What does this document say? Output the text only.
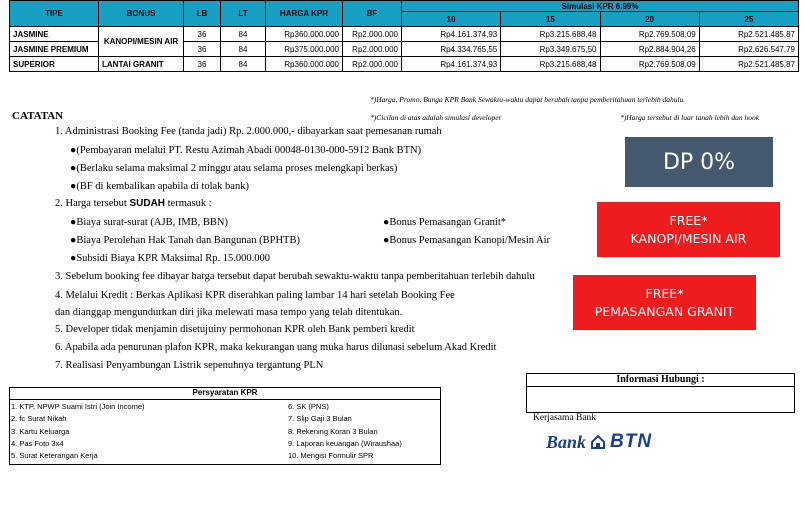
TIPE	BONUS	LB	LT	HARGA KPR	BF	Simulasi KPR 6.99%			
						10	15	20	25
JASMINE	KANOPI/MESIN AIR	36	84	Rp360.000.000	Rp2.000.000	Rp4.161.374,93	Rp3.215.688,48	Rp2.769.508,09	Rp2.521.485,87
JASMINE PREMIUM		36	84	Rp375.000.000	Rp2.000.000	Rp4.334.765,55	Rp3.349.675,50	Rp2.884.904,26	Rp2.626.547,79
SUPERIOR	LANTAI GRANIT	36	84	Rp360.000.000	Rp2.000.000	Rp4.161.374,93	Rp3.215.688,48	Rp2.769.508,09	Rp2.521.485,87
*)Harga, Promo, Bunga KPR Bank Sewaktu-waktu dapat berubah tanpa pemberitahuan terlebih dahulu.
*)Cicilan di atas adalah simulasi developer	*)Harga tersebut di luar tanah lebih dan hook
CATATAN
1. Administrasi Booking Fee (tanda jadi) Rp. 2.000.000,- dibayarkan saat pemesanan rumah
●(Pembayaran melalui PT. Restu Azimah Abadi 00048-0130-000-5912 Bank BTN)
●(Berlaku selama maksimal 2 minggu atau selama proses melengkapi berkas)
●(BF di kembalikan apabila di tolak bank)
2. Harga tersebut SUDAH termasuk :
●Biaya surat-surat (AJB, IMB, BBN)
●Biaya Perolehan Hak Tanah dan Bangunan (BPHTB)
●Subsidi Biaya KPR Maksimal Rp. 15.000.000
●Bonus Pemasangan Granit*
●Bonus Pemasangan Kanopi/Mesin Air
3. Sebelum booking fee dibayar harga tersebut dapat berubah sewaktu-waktu tanpa pemberitahuan terlebih dahulu
4. Melalui Kredit : Berkas Aplikasi KPR diserahkan paling lambar 14 hari setelah Booking Fee
dan dianggap mengundurkan diri jika melewati masa tempo yang telah ditentukan.
5. Developer tidak menjamin disetujuiny permohonan KPR oleh Bank pemberi kredit
6. Apabila ada penurunan plafon KPR, maka kekurangan uang muka harus dilunasi sebelum Akad Kredit
7. Realisasi Penyambungan Listrik sepenuhnya tergantung PLN
DP 0%
FREE*
KANOPI/MESIN AIR
FREE*
PEMASANGAN GRANIT
Persyaratan KPR
1. KTP, NPWP Suami Istri (Join Income)
2. fc Surat Nikah
3. Kartu Keluarga
4. Pas Foto 3x4
5. Surat Keterangan Kerja
6. SK (PNS)
7. Slip Gaji 3 Bulan
8. Rekening Koran 3 Bulan
9. Laporan keuangan (Wiraushaa)
10. Mengisi Formulir SPR
Informasi Hubungi :
Kerjasama Bank
Bank BTN
